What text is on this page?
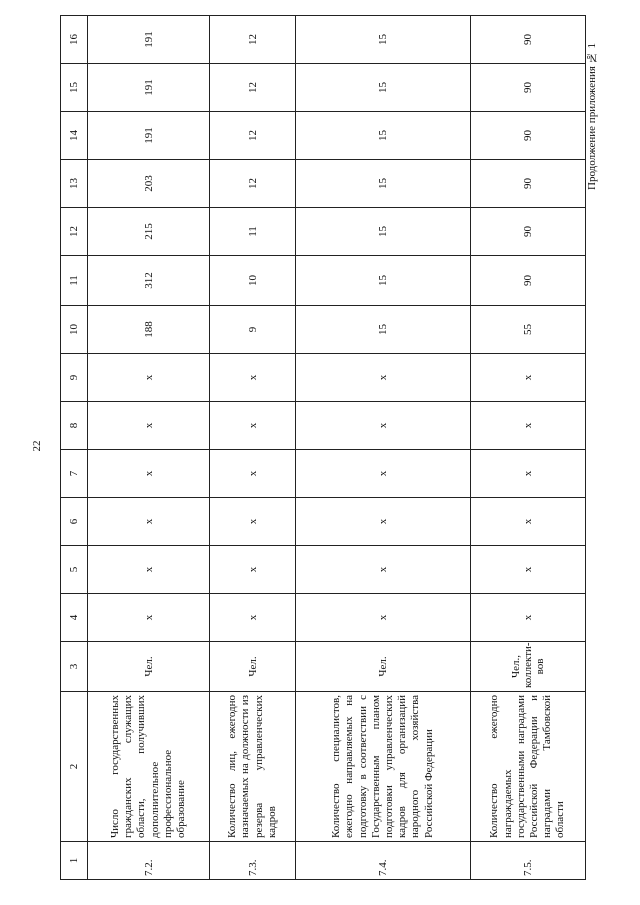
22
Продолжение приложения № 1
1	2	3	4	5	6	7	8	9	10	11	12	13	14	15	16
7.2.	Число государственных гражданских служащих области, получивших дополнительное профессиональное образование	Чел.	x	x	x	x	x	x	188	312	215	203	191	191	191
7.3.	Количество лиц, ежегодно назначаемых на должности из резерва управленческих кадров	Чел.	x	x	x	x	x	x	9	10	11	12	12	12	12
7.4.	Количество специалистов, ежегодно направляемых на подготовку в соответствии с Государственным планом подготовки управленческих кадров для организаций народного хозяйства Российской Федерации	Чел.	x	x	x	x	x	x	15	15	15	15	15	15	15
7.5.	Количество ежегодно награждаемых государственными наградами Российской Федерации и наградами Тамбовской области	Чел., коллекти-вов	x	x	x	x	x	x	55	90	90	90	90	90	90
